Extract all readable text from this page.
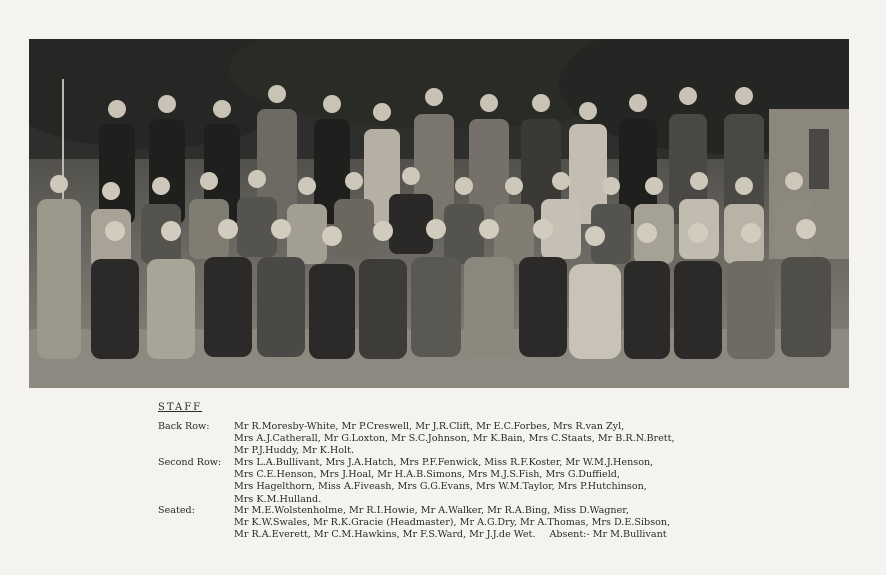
STAFF
Back Row:	Mr R.Moresby-White, Mr P.Creswell, Mr J.R.Clift, Mr E.C.Forbes, Mrs R.van Zyl,
Mrs A.J.Catherall, Mr G.Loxton, Mr S.C.Johnson, Mr K.Bain, Mrs C.Staats, Mr B.R.N.Brett,
Mr P.J.Huddy, Mr K.Holt.
Second Row:	Mrs L.A.Bullivant, Mrs J.A.Hatch, Mrs P.F.Fenwick, Miss R.F.Koster, Mr W.M.J.Henson,
Mrs C.E.Henson, Mrs J.Hoal, Mr H.A.B.Simons, Mrs M.J.S.Fish, Mrs G.Duffield,
Mrs Hagelthorn, Miss A.Fiveash, Mrs G.G.Evans, Mrs W.M.Taylor, Mrs P.Hutchinson,
Mrs K.M.Hulland.
Seated:	Mr M.E.Wolstenholme, Mr R.I.Howie, Mr A.Walker, Mr R.A.Bing, Miss D.Wagner,
Mr K.W.Swales, Mr R.K.Gracie (Headmaster), Mr A.G.Dry, Mr A.Thomas, Mrs D.E.Sibson,
Mr R.A.Everett, Mr C.M.Hawkins, Mr F.S.Ward, Mr J.J.de Wet. Absent:- Mr M.Bullivant
